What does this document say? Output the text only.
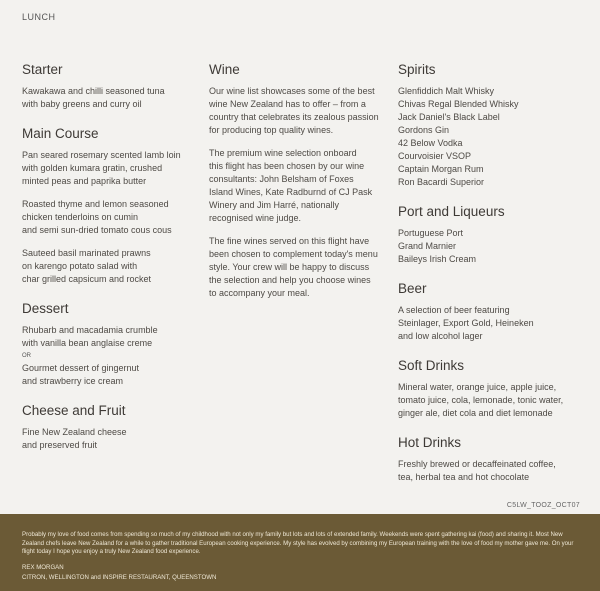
LUNCH
Starter

Kawakawa and chilli seasoned tuna
with baby greens and curry oil

Main Course

Pan seared rosemary scented lamb loin
with golden kumara gratin, crushed
minted peas and paprika butter

Roasted thyme and lemon seasoned
chicken tenderloins on cumin
and semi sun-dried tomato cous cous

Sauteed basil marinated prawns
on karengo potato salad with
char grilled capsicum and rocket

Dessert

Rhubarb and macadamia crumble
with vanilla bean anglaise creme

OR

Gourmet dessert of gingernut
and strawberry ice cream

Cheese and Fruit

Fine New Zealand cheese
and preserved fruit

Wine

Our wine list showcases some of the best
wine New Zealand has to offer – from a
country that celebrates its zealous passion
for producing top quality wines.

The premium wine selection onboard
this flight has been chosen by our wine
consultants: John Belsham of Foxes
Island Wines, Kate Radburnd of CJ Pask
Winery and Jim Harré, nationally
recognised wine judge.

The fine wines served on this flight have
been chosen to complement today's menu
style. Your crew will be happy to discuss
the selection and help you choose wines
to accompany your meal.

Spirits

Glenfiddich Malt Whisky
Chivas Regal Blended Whisky
Jack Daniel's Black Label
Gordons Gin
42 Below Vodka
Courvoisier VSOP
Captain Morgan Rum
Ron Bacardi Superior

Port and Liqueurs

Portuguese Port
Grand Marnier
Baileys Irish Cream

Beer

A selection of beer featuring
Steinlager, Export Gold, Heineken
and low alcohol lager

Soft Drinks

Mineral water, orange juice, apple juice,
tomato juice, cola, lemonade, tonic water,
ginger ale, diet cola and diet lemonade

Hot Drinks

Freshly brewed or decaffeinated coffee,
tea, herbal tea and hot chocolate

C5LW_TOOZ_OCT07
Probably my love of food comes from spending so much of my childhood with not only my family but lots and lots of extended family. Weekends were spent gathering kai (food) and sharing it. Most New Zealand chefs leave New Zealand for a while to gather traditional European cooking experience. My style has evolved by combining my European training with the love of food my mother gave me. On your flight today I hope you enjoy a truly New Zealand food experience.
REX MORGAN
CITRON, WELLINGTON and INSPIRE RESTAURANT, QUEENSTOWN
